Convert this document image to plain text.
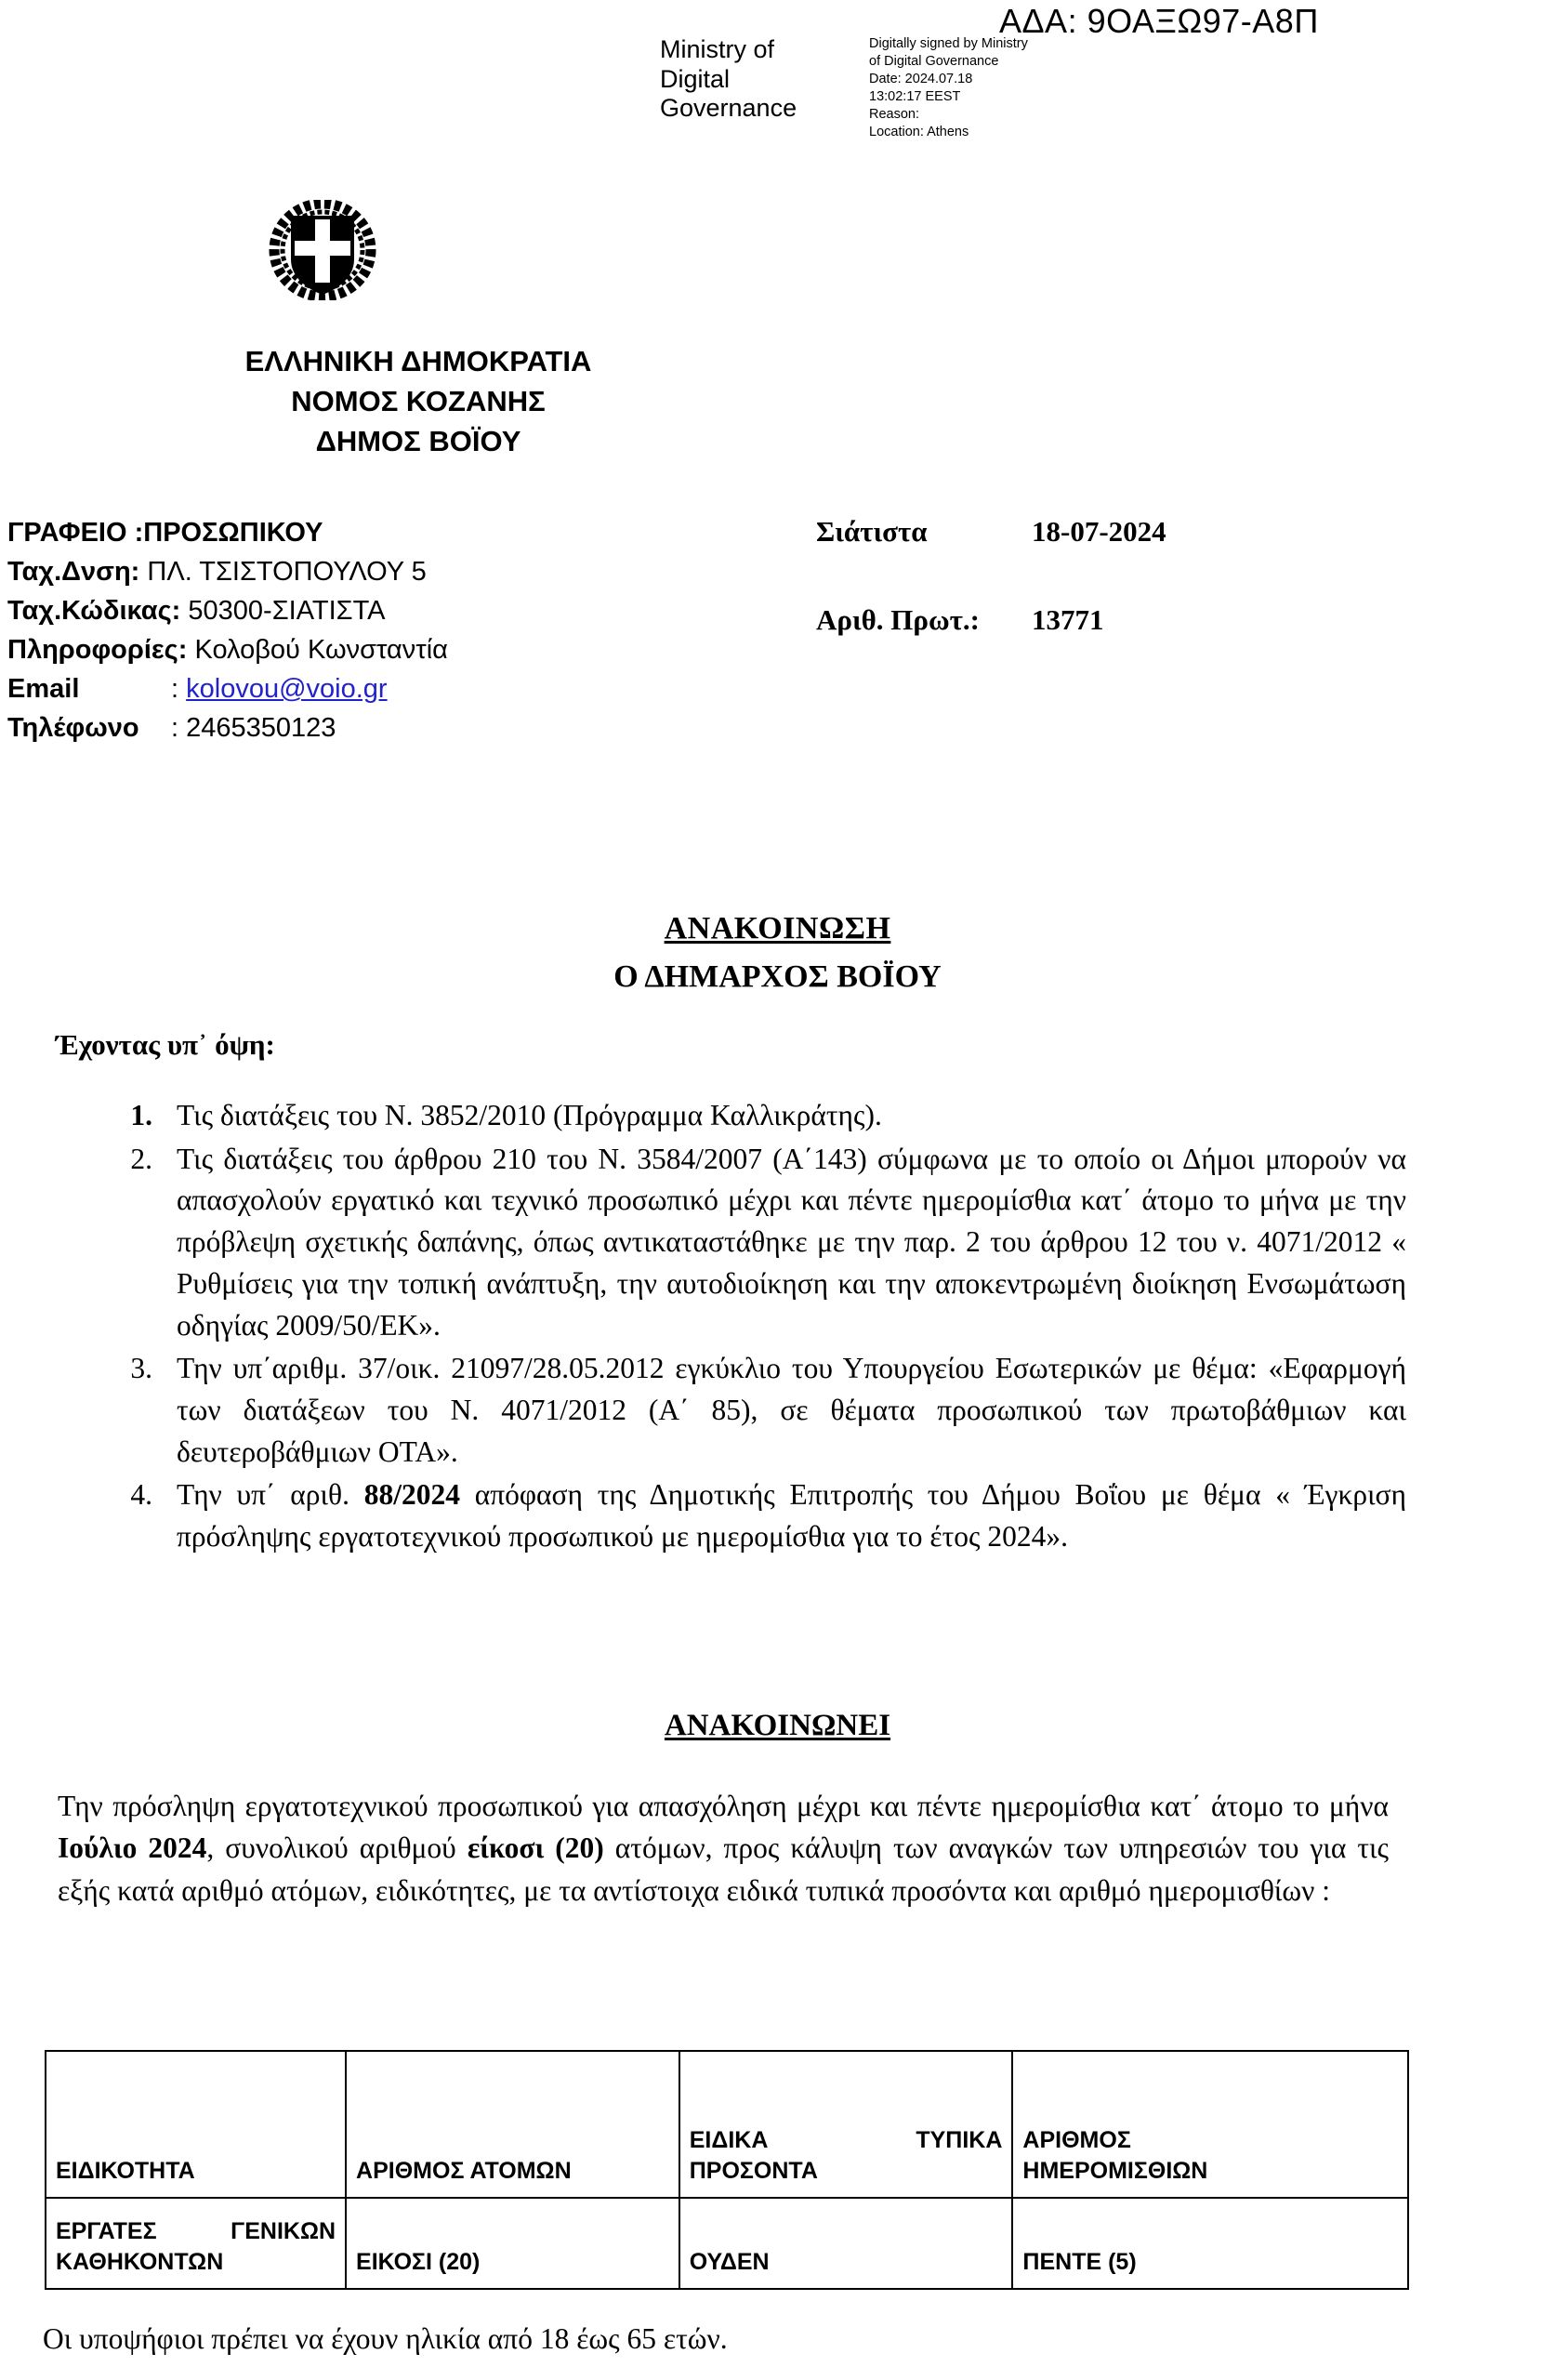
ΑΔΑ: 9ΟΑΞΩ97-Α8Π
Ministry of
Digital
Governance
Digitally signed by Ministry
of Digital Governance
Date: 2024.07.18
13:02:17 EEST
Reason:
Location: Athens
ΕΛΛΗΝΙΚΗ ΔΗΜΟΚΡΑΤΙΑ
ΝΟΜΟΣ ΚΟΖΑΝΗΣ
ΔΗΜΟΣ ΒΟΪΟΥ
ΓΡΑΦΕΙΟ :ΠΡΟΣΩΠΙΚΟΥ
Ταχ.Δνση: ΠΛ. ΤΣΙΣΤΟΠΟΥΛΟΥ 5
Ταχ.Κώδικας: 50300-ΣΙΑΤΙΣΤΑ
Πληροφορίες: Κολοβού Κωνσταντία
Email	: kolovou@voio.gr
Τηλέφωνο : 2465350123
Σιάτιστα	18-07-2024
Αριθ. Πρωτ.: 13771
ΑΝΑΚΟΙΝΩΣΗ
Ο ΔΗΜΑΡΧΟΣ ΒΟΪΟΥ
Έχοντας υπ᾿ όψη:
1. Τις διατάξεις του Ν. 3852/2010 (Πρόγραμμα Καλλικράτης).
2. Τις διατάξεις του άρθρου 210 του Ν. 3584/2007 (Α΄143) σύμφωνα με το οποίο οι Δήμοι μπορούν να απασχολούν εργατικό και τεχνικό προσωπικό μέχρι και πέντε ημερομίσθια κατ΄ άτομο το μήνα με την πρόβλεψη σχετικής δαπάνης, όπως αντικαταστάθηκε με την παρ. 2 του άρθρου 12 του ν. 4071/2012 « Ρυθμίσεις για την τοπική ανάπτυξη, την αυτοδιοίκηση και την αποκεντρωμένη διοίκηση Ενσωμάτωση οδηγίας 2009/50/ΕΚ».
3. Την υπ΄αριθμ. 37/οικ. 21097/28.05.2012 εγκύκλιο του Υπουργείου Εσωτερικών με θέμα: «Εφαρμογή των διατάξεων του Ν. 4071/2012 (Α΄ 85), σε θέματα προσωπικού των πρωτοβάθμιων και δευτεροβάθμιων ΟΤΑ».
4. Την υπ΄ αριθ. 88/2024 απόφαση της Δημοτικής Επιτροπής του Δήμου Βοΐου με θέμα « Έγκριση πρόσληψης εργατοτεχνικού προσωπικού με ημερομίσθια για το έτος 2024».
ΑΝΑΚΟΙΝΩΝΕΙ
Την πρόσληψη εργατοτεχνικού προσωπικού για απασχόληση μέχρι και πέντε ημερομίσθια κατ΄ άτομο το μήνα Ιούλιο 2024, συνολικού αριθμού είκοσι (20) ατόμων, προς κάλυψη των αναγκών των υπηρεσιών του για τις εξής κατά αριθμό ατόμων, ειδικότητες, με τα αντίστοιχα ειδικά τυπικά προσόντα και αριθμό ημερομισθίων :
ΕΙΔΙΚΟΤΗΤΑ	ΑΡΙΘΜΟΣ ΑΤΟΜΩΝ	ΕΙΔΙΚΑ ΤΥΠΙΚΑ
ΠΡΟΣΟΝΤΑ	ΑΡΙΘΜΟΣ
ΗΜΕΡΟΜΙΣΘΙΩΝ
ΕΡΓΑΤΕΣ ΓΕΝΙΚΩΝ ΚΑΘΗΚΟΝΤΩΝ	ΕΙΚΟΣΙ (20)	ΟΥΔΕΝ	ΠΕΝΤΕ (5)
Οι υποψήφιοι πρέπει να έχουν ηλικία από 18 έως 65 ετών.
